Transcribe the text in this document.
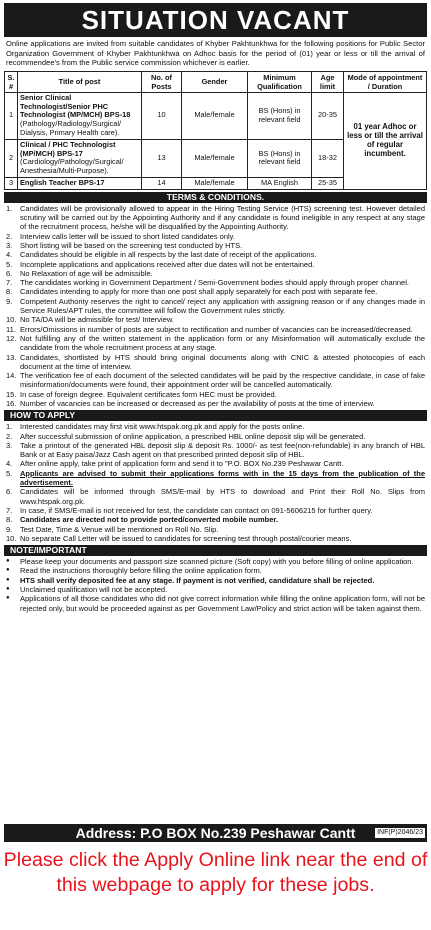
SITUATION VACANT

Online applications are invited from suitable candidates of Khyber Pakhtunkhwa for the following positions for Public Sector Organization Government of Khyber Pakhtunkhwa on Adhoc basis for the period of (01) year or less or till the arrival of recommendee's from the Public service commission whichever is earlier.

S. #	Title of post	No. of Posts	Gender	Minimum Qualification	Age limit	Mode of appointment / Duration
1	Senior Clinical Technologist/Senior PHC Technologist (MP/MCH) BPS-18
(Pathology/Radiology/Surgical/ Dialysis, Primary Health care).	10	Male/female	BS (Hons) in relevant field	20-35	01 year Adhoc or less or till the arrival of regular incumbent.
2	Clinical / PHC Technologist (MP/MCH) BPS-17
(Cardiology/Pathology/Surgical/ Anesthesia/Multi-Purpose).	13	Male/female	BS (Hons) in relevant field	18-32	
3	English Teacher BPS-17	14	Male/female	MA English	25-35	
TERMS & CONDITIONS.
1.	Candidates will be provisionally allowed to appear in the Hiring Testing Service (HTS) screening test. However detailed scrutiny will be carried out by the Appointing Authority and if any candidate is found ineligible in any respect at any stage of the recruitment process, he/she will be disqualified by the Appointing Authority.
2.	Interview calls letter will be issued to short listed candidates only.
3.	Short listing will be based on the screening test conducted by HTS.
4.	Candidates should be eligible in all respects by the last date of receipt of the applications.
5.	Incomplete applications and applications received after due dates will not be entertained.
6.	No Relaxation of age will be admissible.
7.	The candidates working in Government Department / Semi-Government bodies should apply through proper channel.
8.	Candidates intending to apply for more than one post shall apply separately for each post with separate fee.
9.	Competent Authority reserves the right to cancel/ reject any application with assigning reason or if any changes made in Service Rules/APT rules, the committee will follow the Government rules strictly.
10. No TA/DA will be admissible for test/ Interview.
11. Errors/Omissions in number of posts are subject to rectification and number of vacancies can be increased/decreased.
12. Not fulfilling any of the written statement in the application form or any Misinformation will automatically exclude the candidate from the whole recruitment process at any stage.
13. Candidates, shortlisted by HTS should bring original documents along with CNIC & attested photocopies of each document at the time of interview.
14. The verification fee of each document of the selected candidates will be paid by the respective candidate, in case of fake misinformation/documents were found, their appointment order will be cancelled automatically.
15. In case of foreign degree. Equivalent certificates form HEC must be provided.
16. Number of vacancies can be increased or decreased as per the availability of posts at the time of interview.
HOW TO APPLY
1.	Interested candidates may first visit www.htspak.org.pk and apply for the posts online.
2.	After successful submission of online application, a prescribed HBL online deposit slip will be generated.
3.	Take a printout of the generated HBL deposit slip & deposit Rs. 1000/- as test fee(non-refundable) in any branch of HBL Bank or at Easy paisa/Jazz Cash agent on that prescribed printed deposit slip of HBL.
4.	After online apply, take print of application form and send it to "P.O. BOX No.239 Peshawar Cantt.
5.	Applicants are advised to submit their applications forms with in the 15 days from the publication of the advertisement.
6.	Candidates will be informed through SMS/E-mail by HTS to download and Print their Roll No. Slips from www.htspak.org.pk.
7.	In case, if SMS/E-mail is not received for test, the candidate can contact on 091-5606215 for further query.
8.	Candidates are directed not to provide ported/converted mobile number.
9.	Test Date, Time & Venue will be mentioned on Roll No. Slip.
10. No separate Call Letter will be issued to candidates for screening test through postal/courier means.
NOTE/IMPORTANT
●	Please keep your documents and passport size scanned picture (Soft copy) with you before filling of online application.
●	Read the instructions thoroughly before filling the online application form.
●	HTS shall verify deposited fee at any stage. If payment is not verified, candidature shall be rejected.
●	Unclaimed qualification will not be accepted.
●	Applications of all those candidates who did not give correct information while filling the online application form, will not be rejected only, but would be proceeded against as per Government Law/Policy and strict action will be taken against them.
Address: P.O BOX No.239 Peshawar Cantt	INF(P)2046/23
Please click the Apply Online link near the end of this webpage to apply for these jobs.
